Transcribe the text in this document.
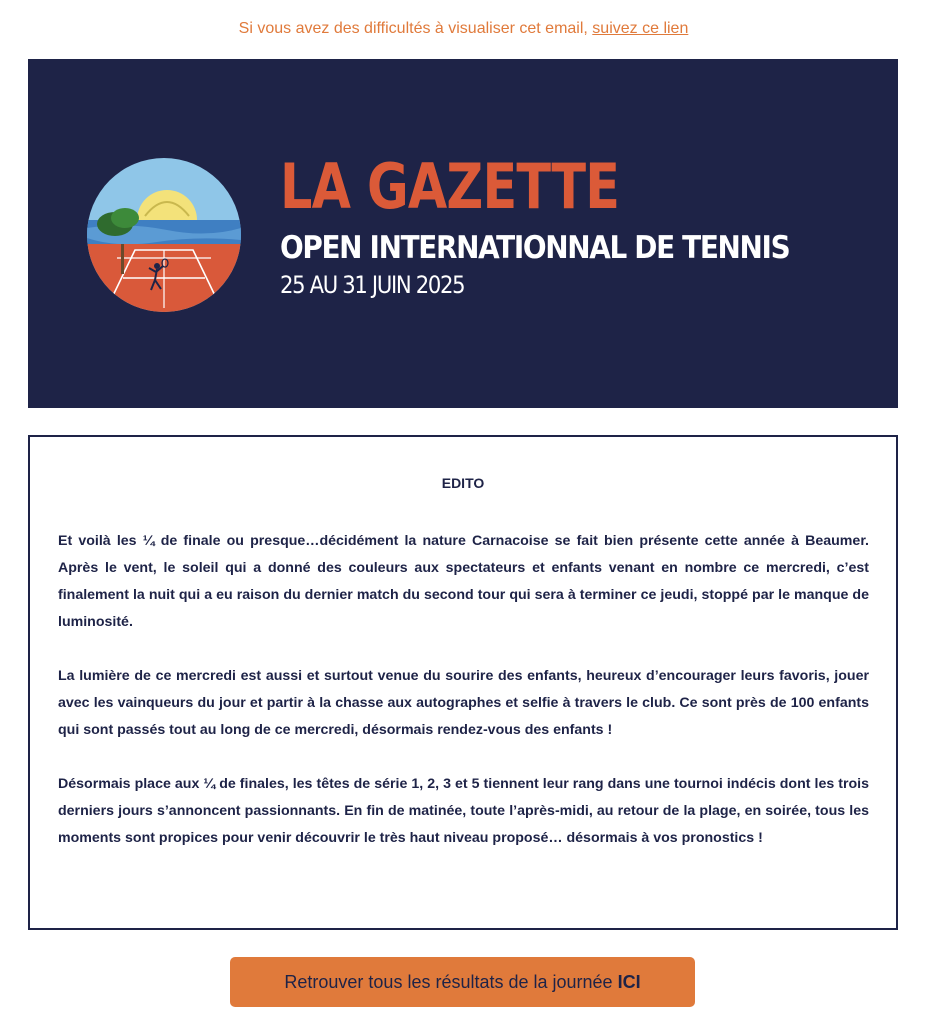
Si vous avez des difficultés à visualiser cet email, suivez ce lien
LA GAZETTE
OPEN INTERNATIONNAL DE TENNIS
25 AU 31 JUIN 2025
EDITO

Et voilà les ¼ de finale ou presque…décidément la nature Carnacoise se fait bien présente cette année à Beaumer. Après le vent, le soleil qui a donné des couleurs aux spectateurs et enfants venant en nombre ce mercredi, c’est finalement la nuit qui a eu raison du dernier match du second tour qui sera à terminer ce jeudi, stoppé par le manque de luminosité.

La lumière de ce mercredi est aussi et surtout venue du sourire des enfants, heureux d’encourager leurs favoris, jouer avec les vainqueurs du jour et partir à la chasse aux autographes et selfie à travers le club. Ce sont près de 100 enfants qui sont passés tout au long de ce mercredi, désormais rendez-vous des enfants !

Désormais place aux ¼ de finales, les têtes de série 1, 2, 3 et 5 tiennent leur rang dans une tournoi indécis dont les trois derniers jours s’annoncent passionnants. En fin de matinée, toute l’après-midi, au retour de la plage, en soirée, tous les moments sont propices pour venir découvrir le très haut niveau proposé… désormais à vos pronostics !

Retrouver tous les résultats de la journée ICI
